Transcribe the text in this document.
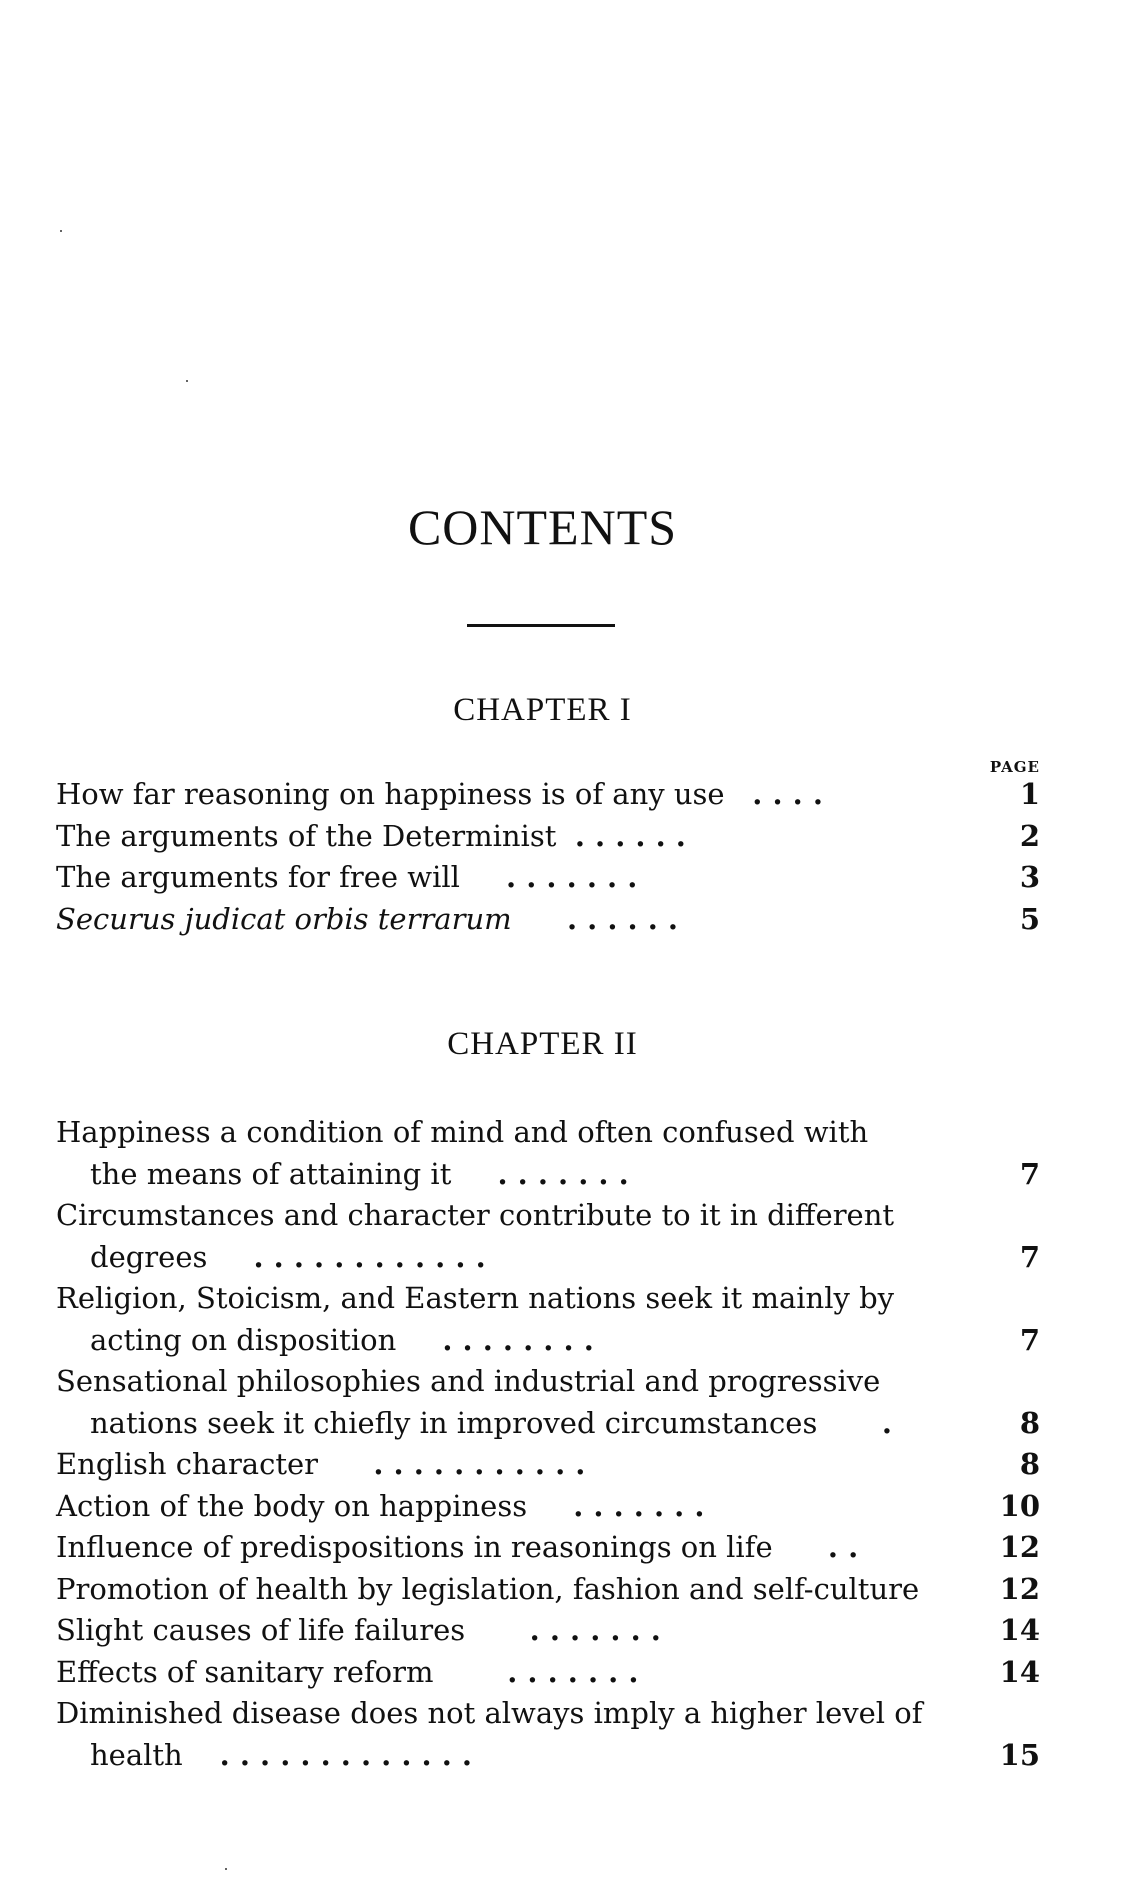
CONTENTS
CHAPTER I
PAGE
How far reasoning on happiness is of any use . . . .	1
The arguments of the Determinist . . . . . .	2
The arguments for free will . . . . . . .	3
Securus judicat orbis terrarum . . . . . .	5
CHAPTER II
Happiness a condition of mind and often confused with
the means of attaining it . . . . . . .	7
Circumstances and character contribute to it in different
degrees . . . . . . . . . . . .	7
Religion, Stoicism, and Eastern nations seek it mainly by
acting on disposition . . . . . . . .	7
Sensational philosophies and industrial and progressive
nations seek it chiefly in improved circumstances .	8
English character . . . . . . . . . . .	8
Action of the body on happiness . . . . . . .	10
Influence of predispositions in reasonings on life . .	12
Promotion of health by legislation, fashion and self-culture	12
Slight causes of life failures . . . . . . .	14
Effects of sanitary reform	. . . . . . .	14
Diminished disease does not always imply a higher level of
health . . . . . . . . . . . . .	15
